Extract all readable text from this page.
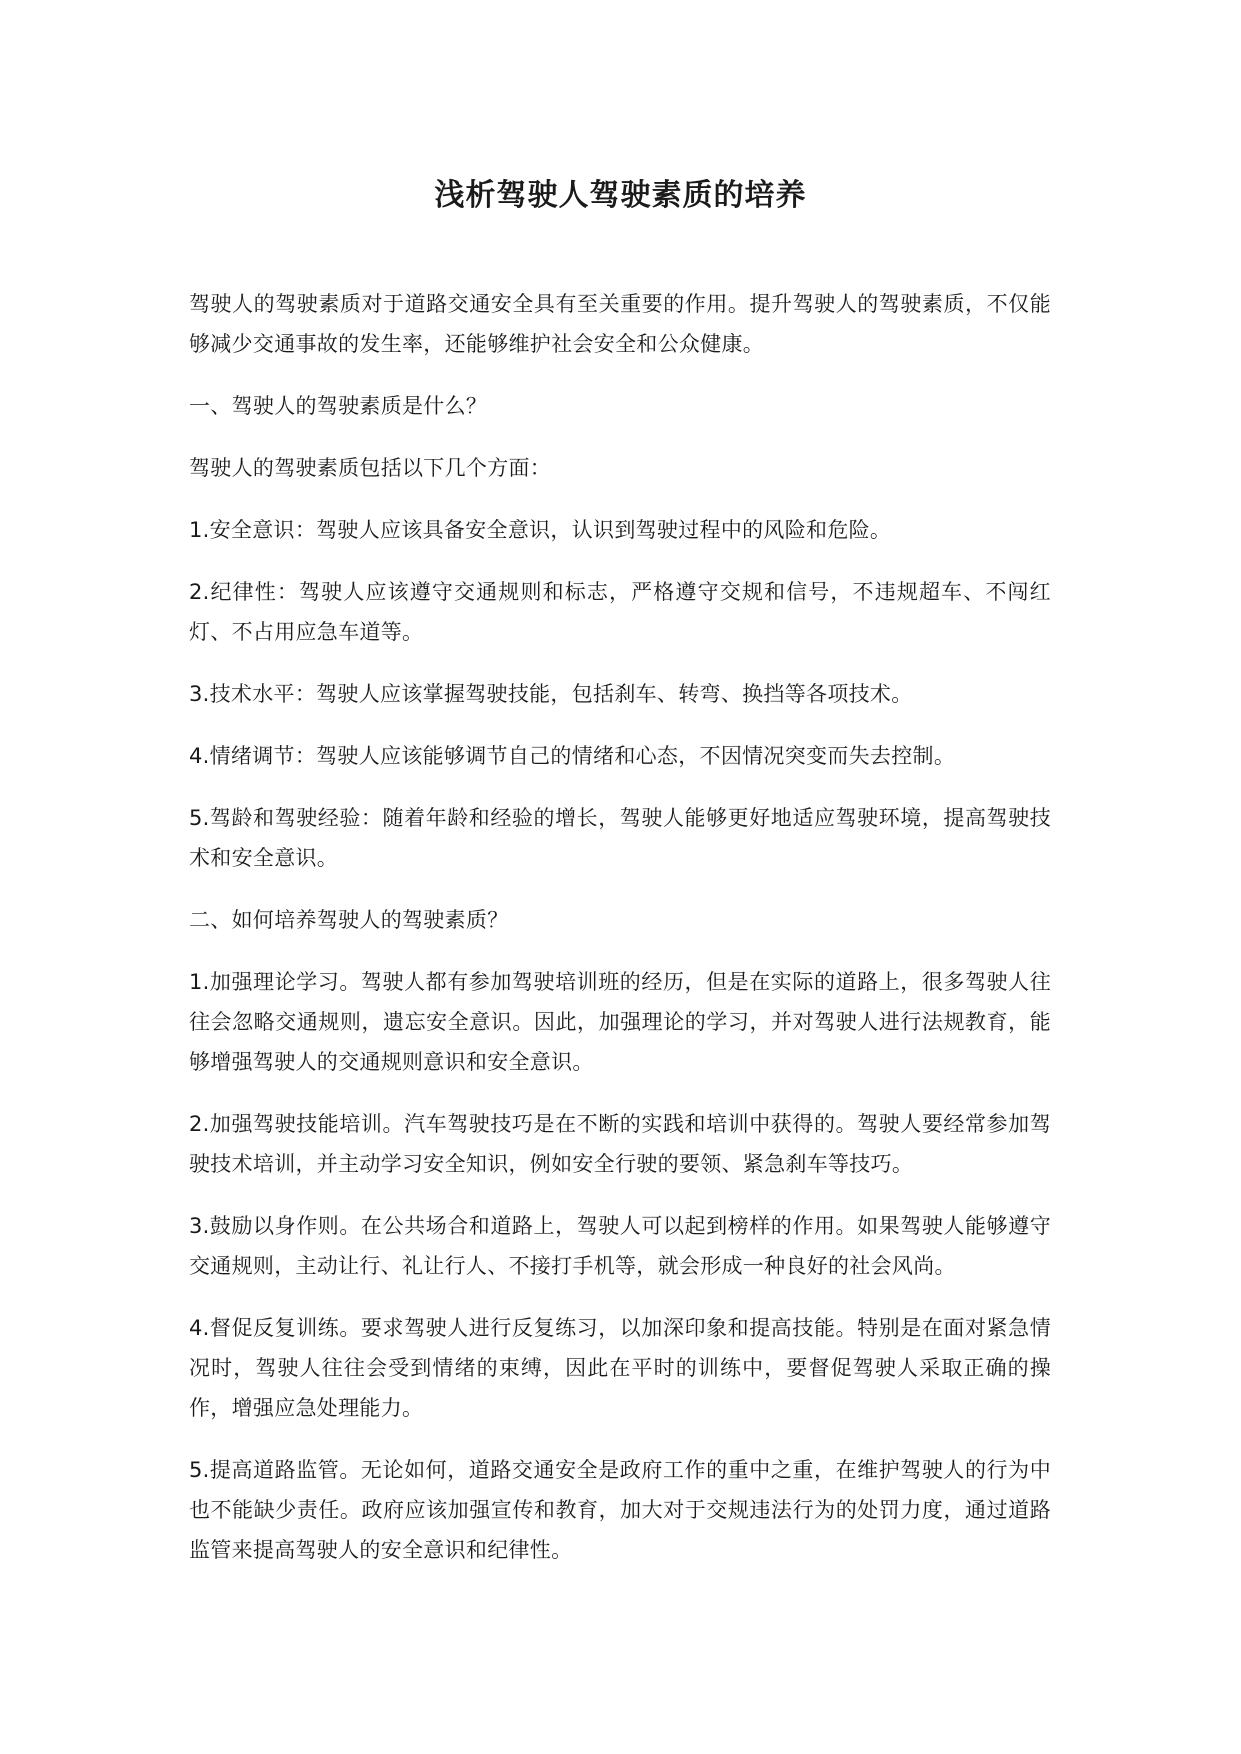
浅析驾驶人驾驶素质的培养

驾驶人的驾驶素质对于道路交通安全具有至关重要的作用。提升驾驶人的驾驶素质，不仅能够减少交通事故的发生率，还能够维护社会安全和公众健康。

一、驾驶人的驾驶素质是什么？

驾驶人的驾驶素质包括以下几个方面：

1.安全意识：驾驶人应该具备安全意识，认识到驾驶过程中的风险和危险。

2.纪律性：驾驶人应该遵守交通规则和标志，严格遵守交规和信号，不违规超车、不闯红灯、不占用应急车道等。

3.技术水平：驾驶人应该掌握驾驶技能，包括刹车、转弯、换挡等各项技术。

4.情绪调节：驾驶人应该能够调节自己的情绪和心态，不因情况突变而失去控制。

5.驾龄和驾驶经验：随着年龄和经验的增长，驾驶人能够更好地适应驾驶环境，提高驾驶技术和安全意识。

二、如何培养驾驶人的驾驶素质？

1.加强理论学习。驾驶人都有参加驾驶培训班的经历，但是在实际的道路上，很多驾驶人往往会忽略交通规则，遗忘安全意识。因此，加强理论的学习，并对驾驶人进行法规教育，能够增强驾驶人的交通规则意识和安全意识。

2.加强驾驶技能培训。汽车驾驶技巧是在不断的实践和培训中获得的。驾驶人要经常参加驾驶技术培训，并主动学习安全知识，例如安全行驶的要领、紧急刹车等技巧。

3.鼓励以身作则。在公共场合和道路上，驾驶人可以起到榜样的作用。如果驾驶人能够遵守交通规则，主动让行、礼让行人、不接打手机等，就会形成一种良好的社会风尚。

4.督促反复训练。要求驾驶人进行反复练习，以加深印象和提高技能。特别是在面对紧急情况时，驾驶人往往会受到情绪的束缚，因此在平时的训练中，要督促驾驶人采取正确的操作，增强应急处理能力。

5.提高道路监管。无论如何，道路交通安全是政府工作的重中之重，在维护驾驶人的行为中也不能缺少责任。政府应该加强宣传和教育，加大对于交规违法行为的处罚力度，通过道路监管来提高驾驶人的安全意识和纪律性。
